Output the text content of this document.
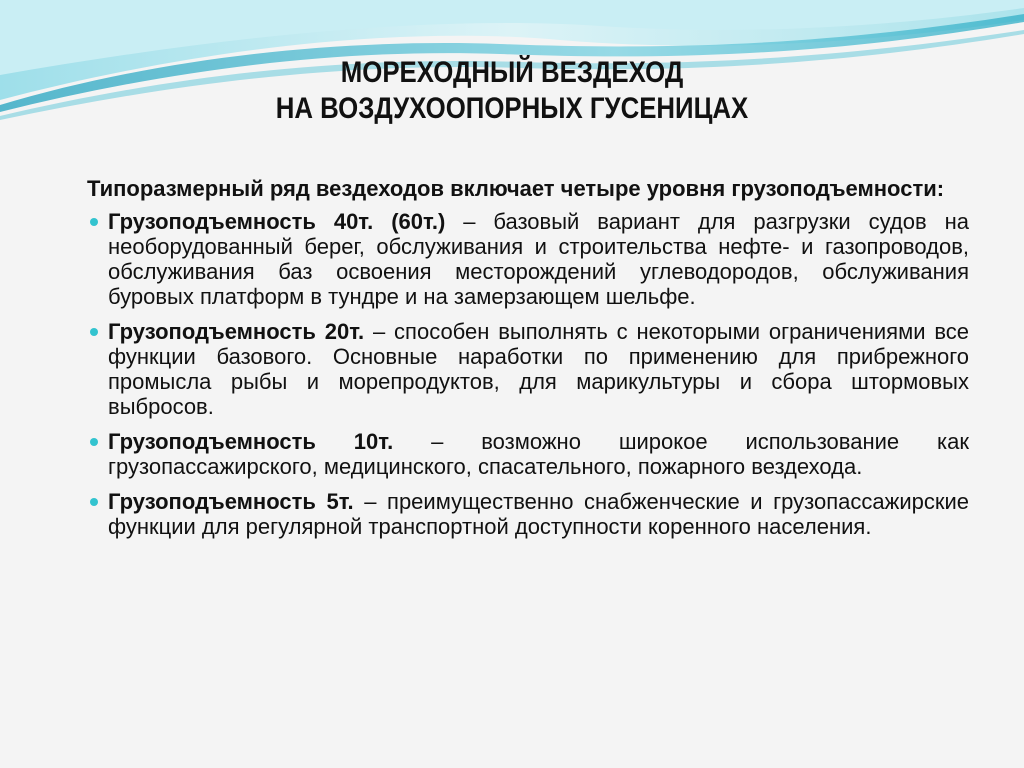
МОРЕХОДНЫЙ ВЕЗДЕХОД
НА ВОЗДУХООПОРНЫХ ГУСЕНИЦАХ
Типоразмерный ряд вездеходов включает четыре уровня грузоподъемности:
Грузоподъемность 40т. (60т.) – базовый вариант для разгрузки судов на необорудованный берег, обслуживания и строительства нефте- и газопроводов, обслуживания баз освоения месторождений углеводородов, обслуживания буровых платформ в тундре и на замерзающем шельфе.
Грузоподъемность 20т. – способен выполнять с некоторыми ограничениями все функции базового. Основные наработки по применению для прибрежного промысла рыбы и морепродуктов, для марикультуры и сбора штормовых выбросов.
Грузоподъемность 10т. – возможно широкое использование как грузопассажирского, медицинского, спасательного, пожарного вездехода.
Грузоподъемность 5т. – преимущественно снабженческие и грузопассажирские функции для регулярной транспортной доступности коренного населения.
